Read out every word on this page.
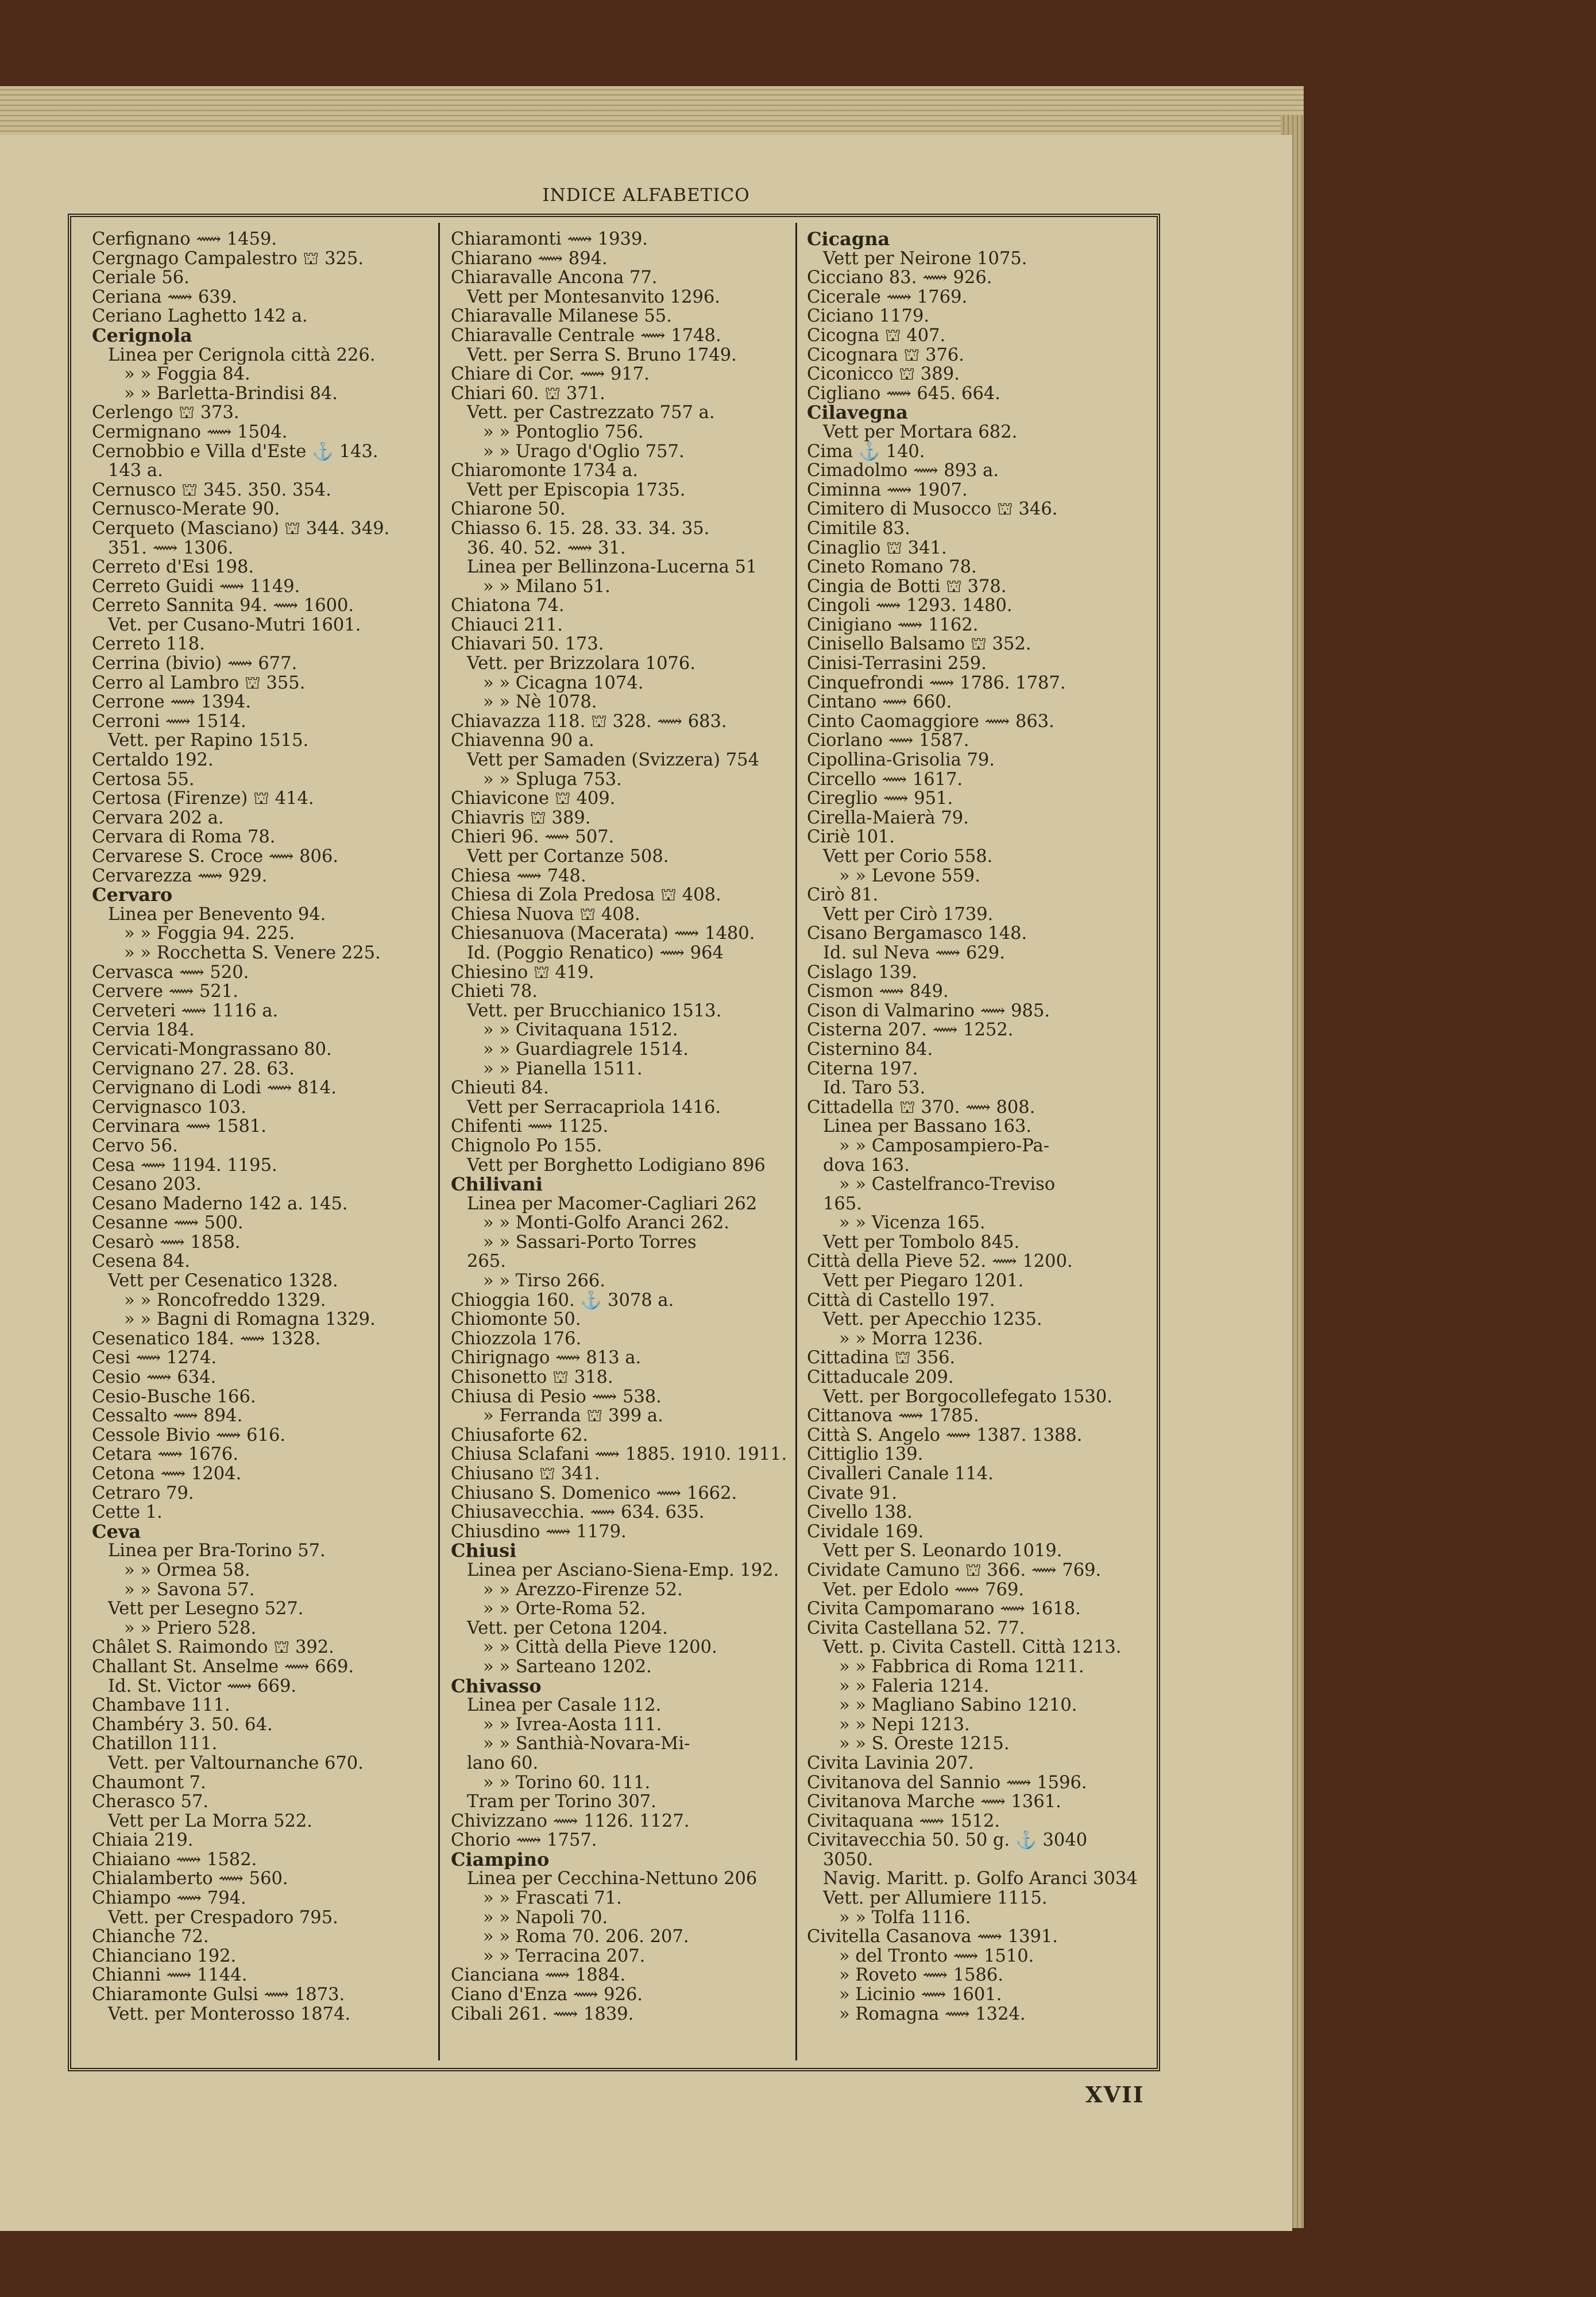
INDICE ALFABETICO
Cerfignano ⟿ 1459.
Cergnago Campalestro ⛫ 325.
Ceriale 56.
Ceriana ⟿ 639.
Ceriano Laghetto 142 a.
Cerignola
Linea per Cerignola città 226.
» » Foggia 84.
» » Barletta-Brindisi 84.
Cerlengo ⛫ 373.
Cermignano ⟿ 1504.
Cernobbio e Villa d'Este ⚓ 143.
143 a.
Cernusco ⛫ 345. 350. 354.
Cernusco-Merate 90.
Cerqueto (Masciano) ⛫ 344. 349.
351. ⟿ 1306.
Cerreto d'Esi 198.
Cerreto Guidi ⟿ 1149.
Cerreto Sannita 94. ⟿ 1600.
Vet. per Cusano-Mutri 1601.
Cerreto 118.
Cerrina (bivio) ⟿ 677.
Cerro al Lambro ⛫ 355.
Cerrone ⟿ 1394.
Cerroni ⟿ 1514.
Vett. per Rapino 1515.
Certaldo 192.
Certosa 55.
Certosa (Firenze) ⛫ 414.
Cervara 202 a.
Cervara di Roma 78.
Cervarese S. Croce ⟿ 806.
Cervarezza ⟿ 929.
Cervaro
Linea per Benevento 94.
» » Foggia 94. 225.
» » Rocchetta S. Venere 225.
Cervasca ⟿ 520.
Cervere ⟿ 521.
Cerveteri ⟿ 1116 a.
Cervia 184.
Cervicati-Mongrassano 80.
Cervignano 27. 28. 63.
Cervignano di Lodi ⟿ 814.
Cervignasco 103.
Cervinara ⟿ 1581.
Cervo 56.
Cesa ⟿ 1194. 1195.
Cesano 203.
Cesano Maderno 142 a. 145.
Cesanne ⟿ 500.
Cesarò ⟿ 1858.
Cesena 84.
Vett per Cesenatico 1328.
» » Roncofreddo 1329.
» » Bagni di Romagna 1329.
Cesenatico 184. ⟿ 1328.
Cesi ⟿ 1274.
Cesio ⟿ 634.
Cesio-Busche 166.
Cessalto ⟿ 894.
Cessole Bivio ⟿ 616.
Cetara ⟿ 1676.
Cetona ⟿ 1204.
Cetraro 79.
Cette 1.
Ceva
Linea per Bra-Torino 57.
» » Ormea 58.
» » Savona 57.
Vett per Lesegno 527.
» » Priero 528.
Châlet S. Raimondo ⛫ 392.
Challant St. Anselme ⟿ 669.
Id. St. Victor ⟿ 669.
Chambave 111.
Chambéry 3. 50. 64.
Chatillon 111.
Vett. per Valtournanche 670.
Chaumont 7.
Cherasco 57.
Vett per La Morra 522.
Chiaia 219.
Chiaiano ⟿ 1582.
Chialamberto ⟿ 560.
Chiampo ⟿ 794.
Vett. per Crespadoro 795.
Chianche 72.
Chianciano 192.
Chianni ⟿ 1144.
Chiaramonte Gulsi ⟿ 1873.
Vett. per Monterosso 1874.
Chiaramonti ⟿ 1939.
Chiarano ⟿ 894.
Chiaravalle Ancona 77.
Vett per Montesanvito 1296.
Chiaravalle Milanese 55.
Chiaravalle Centrale ⟿ 1748.
Vett. per Serra S. Bruno 1749.
Chiare di Cor. ⟿ 917.
Chiari 60. ⛫ 371.
Vett. per Castrezzato 757 a.
» » Pontoglio 756.
» » Urago d'Oglio 757.
Chiaromonte 1734 a.
Vett per Episcopia 1735.
Chiarone 50.
Chiasso 6. 15. 28. 33. 34. 35.
36. 40. 52. ⟿ 31.
Linea per Bellinzona-Lucerna 51
» » Milano 51.
Chiatona 74.
Chiauci 211.
Chiavari 50. 173.
Vett. per Brizzolara 1076.
» » Cicagna 1074.
» » Nè 1078.
Chiavazza 118. ⛫ 328. ⟿ 683.
Chiavenna 90 a.
Vett per Samaden (Svizzera) 754
» » Spluga 753.
Chiavicone ⛫ 409.
Chiavris ⛫ 389.
Chieri 96. ⟿ 507.
Vett per Cortanze 508.
Chiesa ⟿ 748.
Chiesa di Zola Predosa ⛫ 408.
Chiesa Nuova ⛫ 408.
Chiesanuova (Macerata) ⟿ 1480.
Id. (Poggio Renatico) ⟿ 964
Chiesino ⛫ 419.
Chieti 78.
Vett. per Brucchianico 1513.
» » Civitaquana 1512.
» » Guardiagrele 1514.
» » Pianella 1511.
Chieuti 84.
Vett per Serracapriola 1416.
Chifenti ⟿ 1125.
Chignolo Po 155.
Vett per Borghetto Lodigiano 896
Chilivani
Linea per Macomer-Cagliari 262
» » Monti-Golfo Aranci 262.
» » Sassari-Porto Torres
265.
» » Tirso 266.
Chioggia 160. ⚓ 3078 a.
Chiomonte 50.
Chiozzola 176.
Chirignago ⟿ 813 a.
Chisonetto ⛫ 318.
Chiusa di Pesio ⟿ 538.
» Ferranda ⛫ 399 a.
Chiusaforte 62.
Chiusa Sclafani ⟿ 1885. 1910. 1911.
Chiusano ⛫ 341.
Chiusano S. Domenico ⟿ 1662.
Chiusavecchia. ⟿ 634. 635.
Chiusdino ⟿ 1179.
Chiusi
Linea per Asciano-Siena-Emp. 192.
» » Arezzo-Firenze 52.
» » Orte-Roma 52.
Vett. per Cetona 1204.
» » Città della Pieve 1200.
» » Sarteano 1202.
Chivasso
Linea per Casale 112.
» » Ivrea-Aosta 111.
» » Santhià-Novara-Mi-
lano 60.
» » Torino 60. 111.
Tram per Torino 307.
Chivizzano ⟿ 1126. 1127.
Chorio ⟿ 1757.
Ciampino
Linea per Cecchina-Nettuno 206
» » Frascati 71.
» » Napoli 70.
» » Roma 70. 206. 207.
» » Terracina 207.
Cianciana ⟿ 1884.
Ciano d'Enza ⟿ 926.
Cibali 261. ⟿ 1839.
Cicagna
Vett per Neirone 1075.
Cicciano 83. ⟿ 926.
Cicerale ⟿ 1769.
Ciciano 1179.
Cicogna ⛫ 407.
Cicognara ⛫ 376.
Ciconicco ⛫ 389.
Cigliano ⟿ 645. 664.
Cilavegna
Vett per Mortara 682.
Cima ⚓ 140.
Cimadolmo ⟿ 893 a.
Ciminna ⟿ 1907.
Cimitero di Musocco ⛫ 346.
Cimitile 83.
Cinaglio ⛫ 341.
Cineto Romano 78.
Cingia de Botti ⛫ 378.
Cingoli ⟿ 1293. 1480.
Cinigiano ⟿ 1162.
Cinisello Balsamo ⛫ 352.
Cinisi-Terrasini 259.
Cinquefrondi ⟿ 1786. 1787.
Cintano ⟿ 660.
Cinto Caomaggiore ⟿ 863.
Ciorlano ⟿ 1587.
Cipollina-Grisolia 79.
Circello ⟿ 1617.
Cireglio ⟿ 951.
Cirella-Maierà 79.
Ciriè 101.
Vett per Corio 558.
» » Levone 559.
Cirò 81.
Vett per Cirò 1739.
Cisano Bergamasco 148.
Id. sul Neva ⟿ 629.
Cislago 139.
Cismon ⟿ 849.
Cison di Valmarino ⟿ 985.
Cisterna 207. ⟿ 1252.
Cisternino 84.
Citerna 197.
Id. Taro 53.
Cittadella ⛫ 370. ⟿ 808.
Linea per Bassano 163.
» » Camposampiero-Pa-
dova 163.
» » Castelfranco-Treviso
165.
» » Vicenza 165.
Vett per Tombolo 845.
Città della Pieve 52. ⟿ 1200.
Vett per Piegaro 1201.
Città di Castello 197.
Vett. per Apecchio 1235.
» » Morra 1236.
Cittadina ⛫ 356.
Cittaducale 209.
Vett. per Borgocollefegato 1530.
Cittanova ⟿ 1785.
Città S. Angelo ⟿ 1387. 1388.
Cittiglio 139.
Civalleri Canale 114.
Civate 91.
Civello 138.
Cividale 169.
Vett per S. Leonardo 1019.
Cividate Camuno ⛫ 366. ⟿ 769.
Vet. per Edolo ⟿ 769.
Civita Campomarano ⟿ 1618.
Civita Castellana 52. 77.
Vett. p. Civita Castell. Città 1213.
» » Fabbrica di Roma 1211.
» » Faleria 1214.
» » Magliano Sabino 1210.
» » Nepi 1213.
» » S. Oreste 1215.
Civita Lavinia 207.
Civitanova del Sannio ⟿ 1596.
Civitanova Marche ⟿ 1361.
Civitaquana ⟿ 1512.
Civitavecchia 50. 50 g. ⚓ 3040
3050.
Navig. Maritt. p. Golfo Aranci 3034
Vett. per Allumiere 1115.
» » Tolfa 1116.
Civitella Casanova ⟿ 1391.
» del Tronto ⟿ 1510.
» Roveto ⟿ 1586.
» Licinio ⟿ 1601.
» Romagna ⟿ 1324.
XVII
